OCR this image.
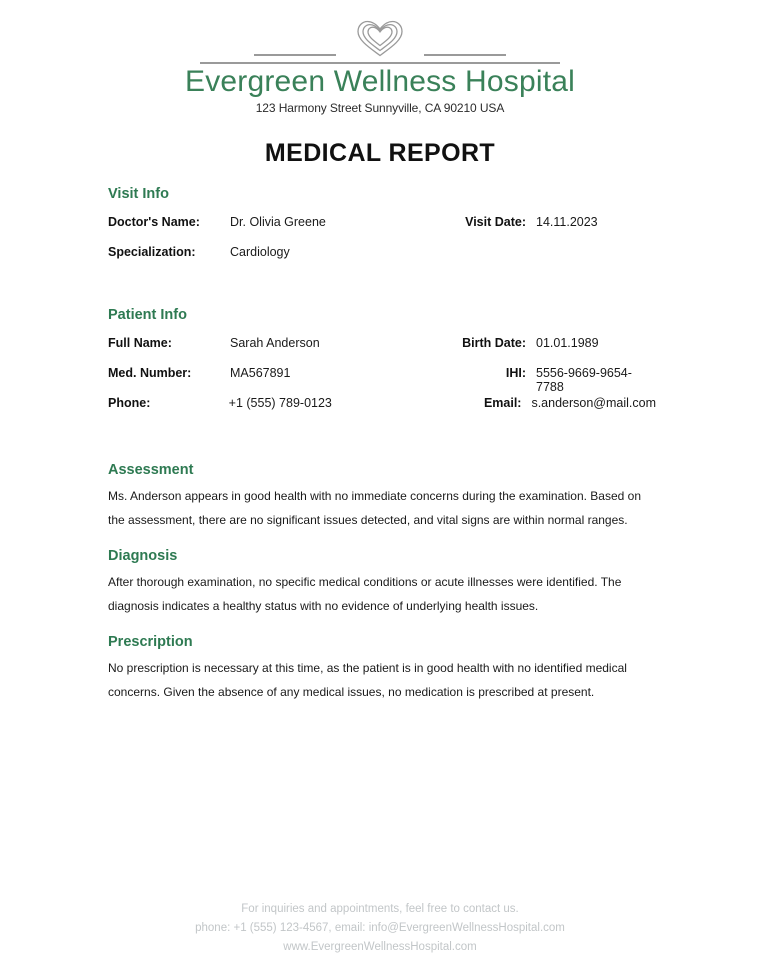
Evergreen Wellness Hospital
123 Harmony Street Sunnyville, CA 90210 USA
MEDICAL REPORT
Visit Info
Doctor's Name:	Dr. Olivia Greene	Visit Date: 14.11.2023
Specialization:	Cardiology
Patient Info
Full Name:	Sarah Anderson	Birth Date: 01.01.1989
Med. Number:	MA567891	IHI: 5556-9669-9654-7788
Phone:	+1 (555) 789-0123	Email: s.anderson@mail.com
Assessment

Ms. Anderson appears in good health with no immediate concerns during the examination. Based on the assessment, there are no significant issues detected, and vital signs are within normal ranges.

Diagnosis

After thorough examination, no specific medical conditions or acute illnesses were identified. The diagnosis indicates a healthy status with no evidence of underlying health issues.

Prescription

No prescription is necessary at this time, as the patient is in good health with no identified medical concerns. Given the absence of any medical issues, no medication is prescribed at present.

For inquiries and appointments, feel free to contact us.
phone: +1 (555) 123-4567, email: info@EvergreenWellnessHospital.com
www.EvergreenWellnessHospital.com
